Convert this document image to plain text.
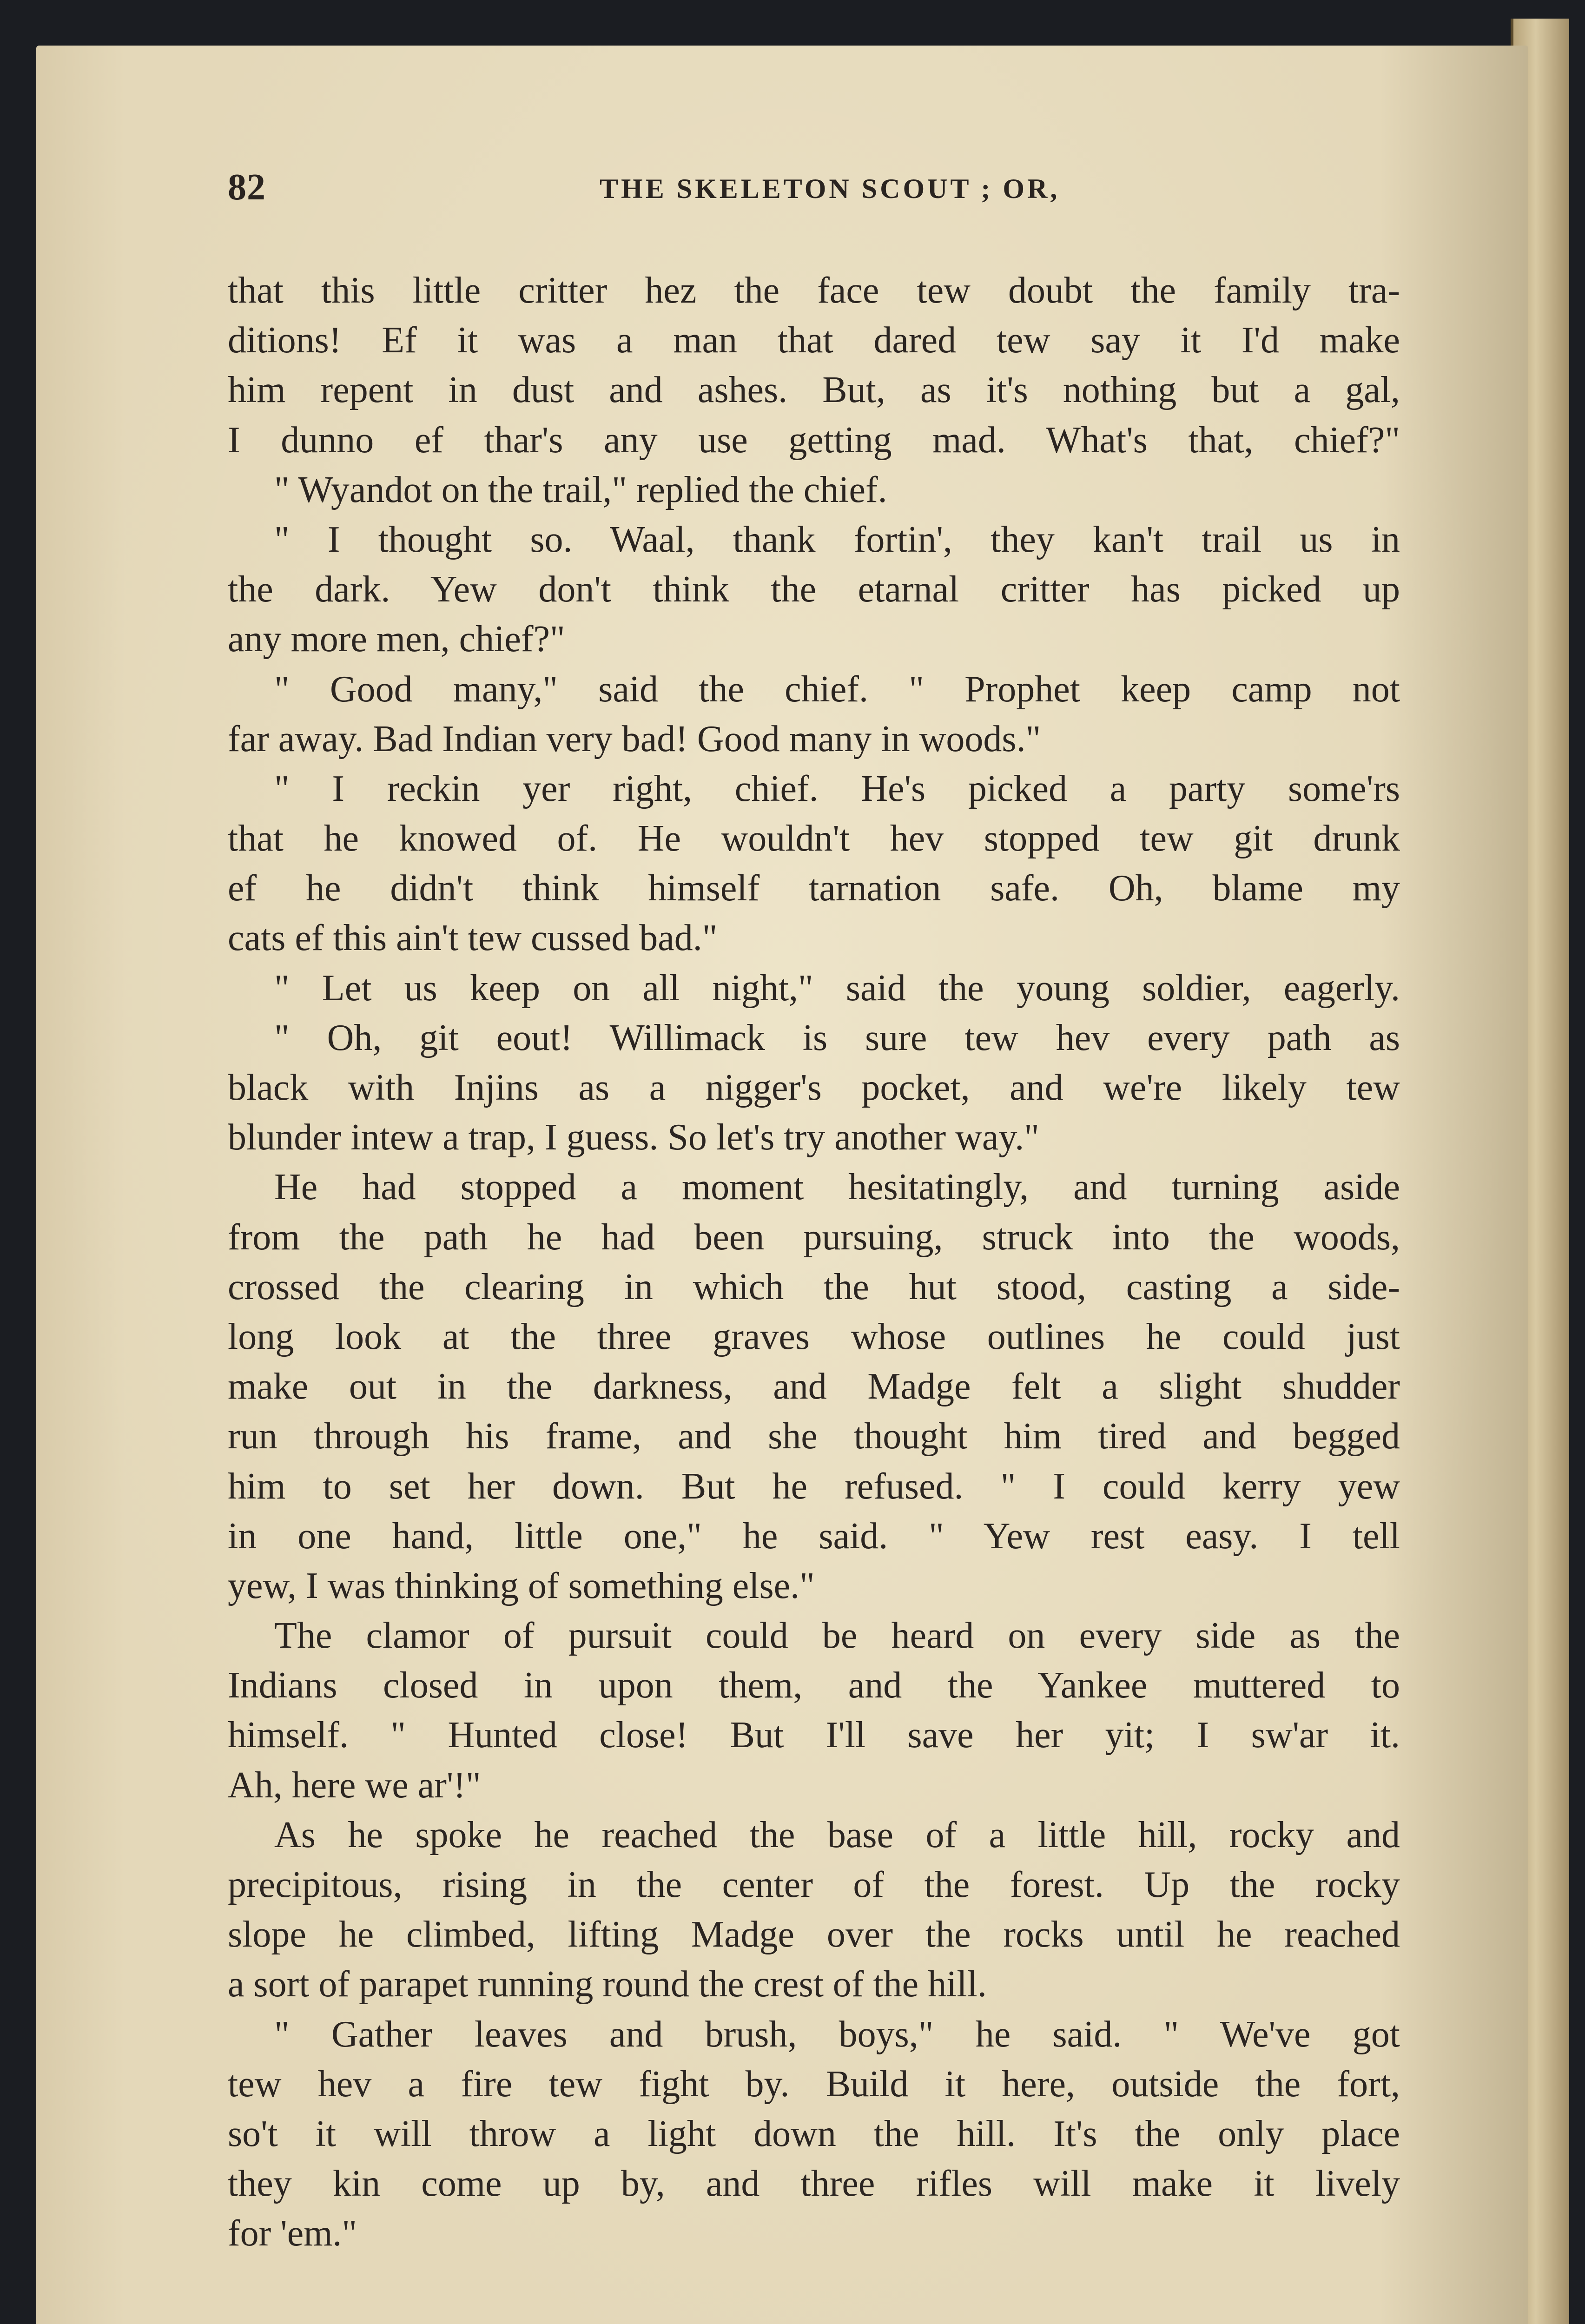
82	THE SKELETON SCOUT ; OR,
that this little critter hez the face tew doubt the family tra-
ditions! Ef it was a man that dared tew say it I'd make
him repent in dust and ashes. But, as it's nothing but a gal,
I dunno ef thar's any use getting mad. What's that, chief?"
" Wyandot on the trail," replied the chief.
" I thought so. Waal, thank fortin', they kan't trail us in
the dark. Yew don't think the etarnal critter has picked up
any more men, chief?"
" Good many," said the chief. " Prophet keep camp not
far away. Bad Indian very bad! Good many in woods."
" I reckin yer right, chief. He's picked a party some'rs
that he knowed of. He wouldn't hev stopped tew git drunk
ef he didn't think himself tarnation safe. Oh, blame my
cats ef this ain't tew cussed bad."
" Let us keep on all night," said the young soldier, eagerly.
" Oh, git eout! Willimack is sure tew hev every path as
black with Injins as a nigger's pocket, and we're likely tew
blunder intew a trap, I guess. So let's try another way."
He had stopped a moment hesitatingly, and turning aside
from the path he had been pursuing, struck into the woods,
crossed the clearing in which the hut stood, casting a side-
long look at the three graves whose outlines he could just
make out in the darkness, and Madge felt a slight shudder
run through his frame, and she thought him tired and begged
him to set her down. But he refused. " I could kerry yew
in one hand, little one," he said. " Yew rest easy. I tell
yew, I was thinking of something else."
The clamor of pursuit could be heard on every side as the
Indians closed in upon them, and the Yankee muttered to
himself. " Hunted close! But I'll save her yit; I sw'ar it.
Ah, here we ar'!"
As he spoke he reached the base of a little hill, rocky and
precipitous, rising in the center of the forest. Up the rocky
slope he climbed, lifting Madge over the rocks until he reached
a sort of parapet running round the crest of the hill.
" Gather leaves and brush, boys," he said. " We've got
tew hev a fire tew fight by. Build it here, outside the fort,
so't it will throw a light down the hill. It's the only place
they kin come up by, and three rifles will make it lively
for 'em."
